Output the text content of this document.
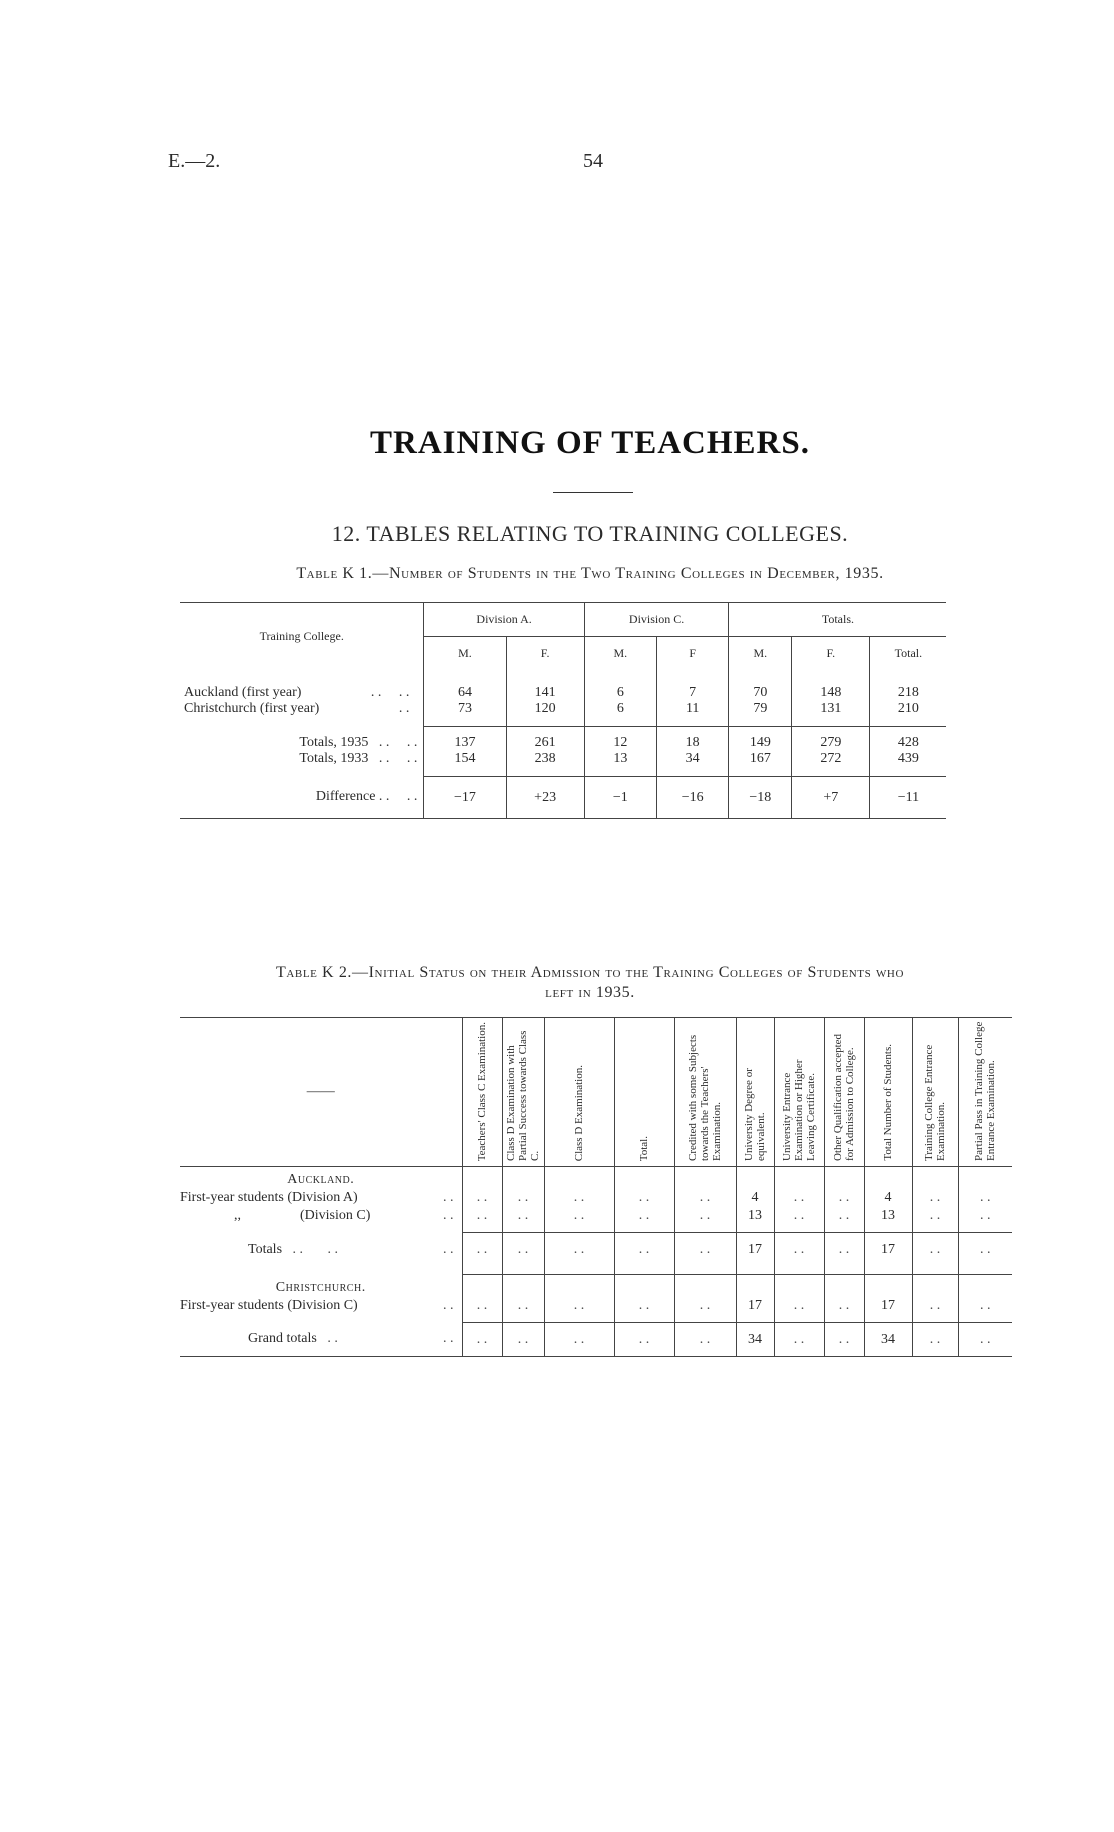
E.—2.	54
TRAINING OF TEACHERS.
12. TABLES RELATING TO TRAINING COLLEGES.
Table K 1.—Number of Students in the Two Training Colleges in December, 1935.
Training College.	Division A.		Division C.		Totals.		
	M.	F.	M.	F	M.	F.	Total.

Auckland (first year) . . . .	64	141	6	7	70	148	218
Christchurch (first year) . .	73	120	6	11	79	131	210

Totals, 1935 . . . .	137	261	12	18	149	279	428
Totals, 1933 . . . .	154	238	13	34	167	272	439

Difference . . . .	−17	+23	−1	−16	−18	+7	−11
Table K 2.—Initial Status on their Admission to the Training Colleges of Students who
left in 1935.
——	Teachers' Class C Examination.	Class D Examination with Partial Success towards Class C.	Class D Examination.	Total.	Credited with some Subjects towards the Teachers' Examination.	University Degree or equivalent.	University Entrance Examination or Higher Leaving Certificate.	Other Qualification accepted for Admission to College.	Total Number of Students.	Training College Entrance Examination.	Partial Pass in Training College Entrance Examination.
Auckland.											
First-year students (Division A) . .	. .	. .	. .	. .	. .	4	. .	. .	4	. .	. .
,, (Division C) . .	. .	. .	. .	. .	. .	13	. .	. .	13	. .	. .

Totals . . . . . .	. .	. .	. .	. .	. .	17	. .	. .	17	. .	. .

Christchurch.											
First-year students (Division C) . .	. .	. .	. .	. .	. .	17	. .	. .	17	. .	. .

Grand totals . . . .	. .	. .	. .	. .	. .	34	. .	. .	34	. .	. .
